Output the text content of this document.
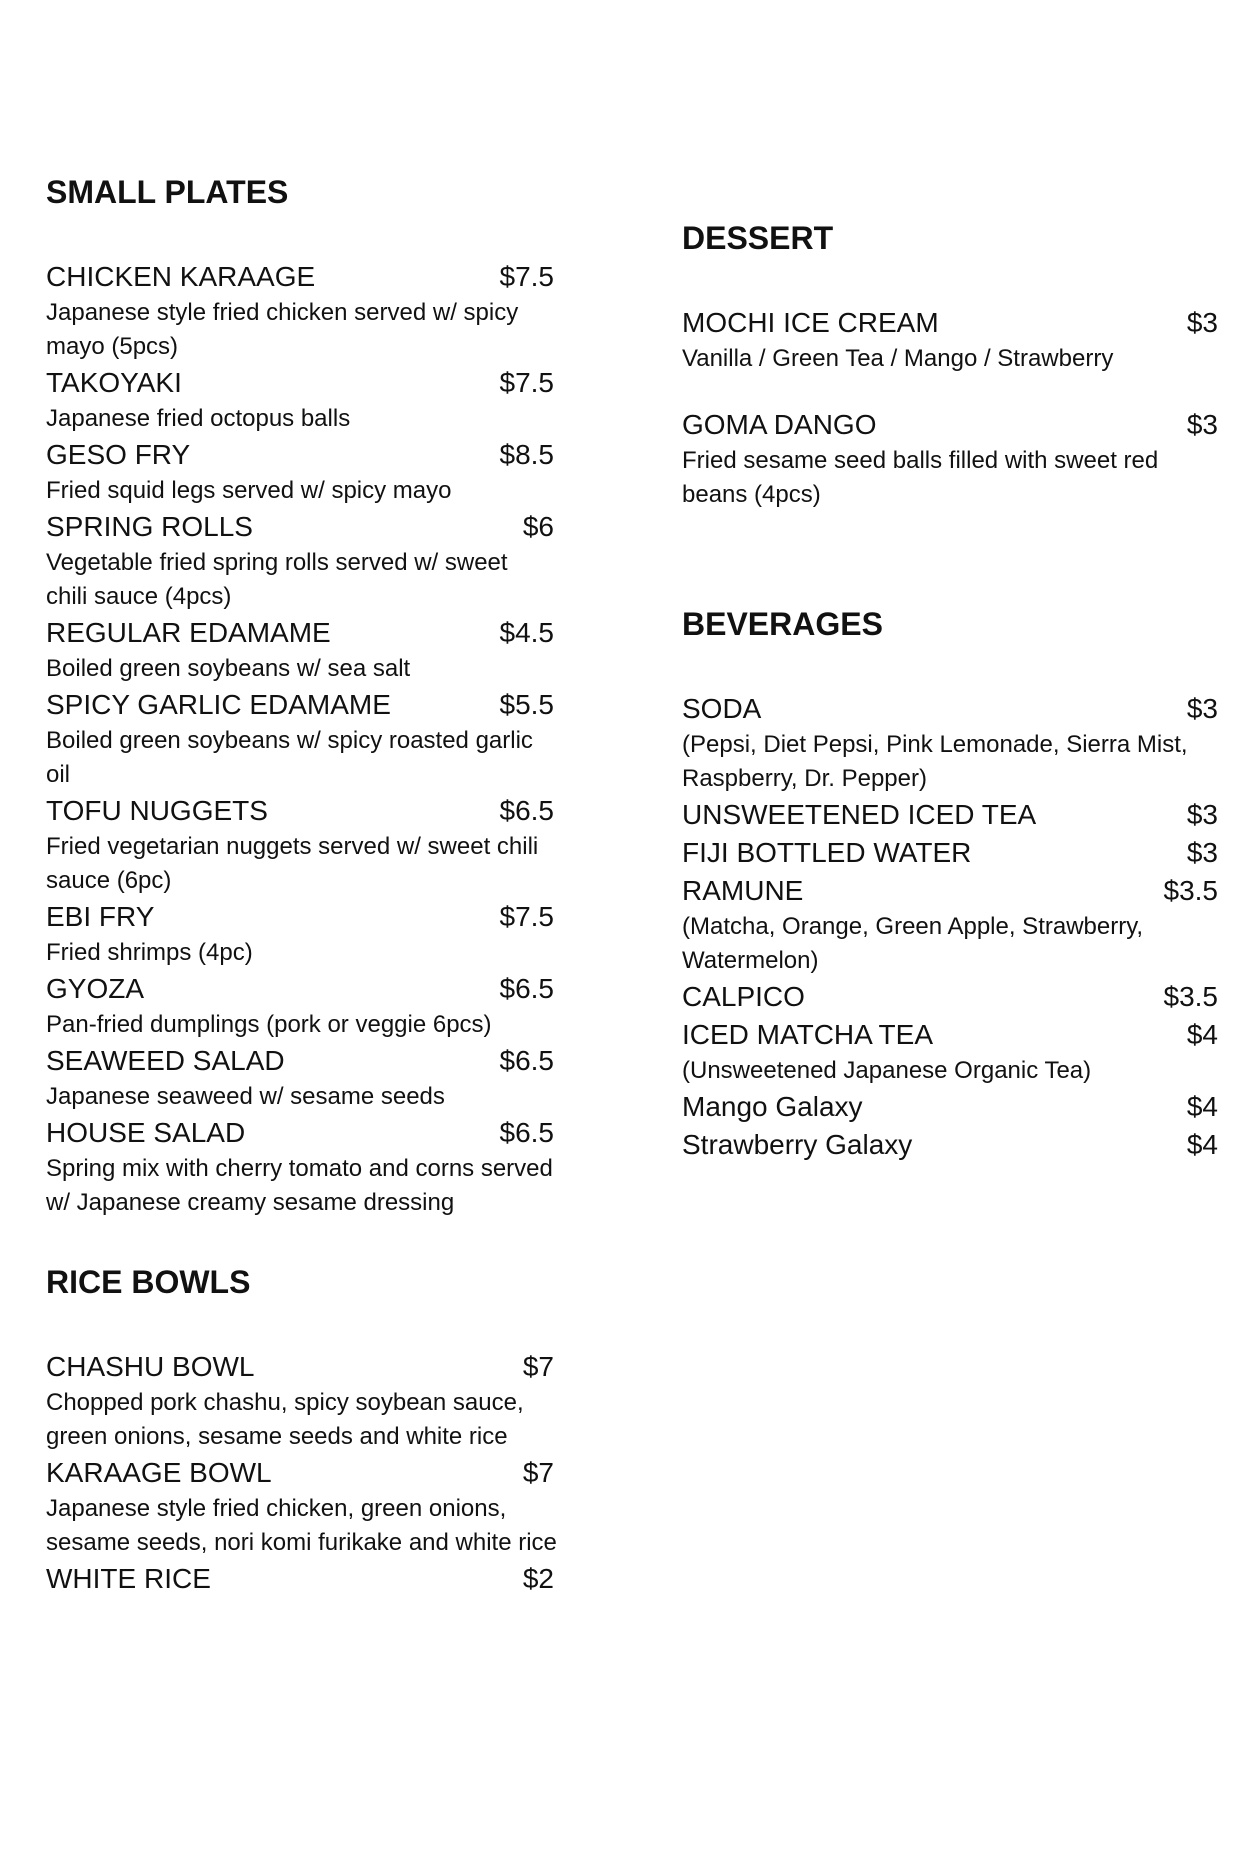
SMALL PLATES
CHICKEN KARAAGE	$7.5
Japanese style fried chicken served w/ spicy
mayo (5pcs)
TAKOYAKI	$7.5
Japanese fried octopus balls
GESO FRY	$8.5
Fried squid legs served w/ spicy mayo
SPRING ROLLS	$6
Vegetable fried spring rolls served w/ sweet
chili sauce (4pcs)
REGULAR EDAMAME	$4.5
Boiled green soybeans w/ sea salt
SPICY GARLIC EDAMAME	$5.5
Boiled green soybeans w/ spicy roasted garlic
oil
TOFU NUGGETS	$6.5
Fried vegetarian nuggets served w/ sweet chili
sauce (6pc)
EBI FRY	$7.5
Fried shrimps (4pc)
GYOZA	$6.5
Pan-fried dumplings (pork or veggie 6pcs)
SEAWEED SALAD	$6.5
Japanese seaweed w/ sesame seeds
HOUSE SALAD	$6.5
Spring mix with cherry tomato and corns served
w/ Japanese creamy sesame dressing
RICE BOWLS
CHASHU BOWL	$7
Chopped pork chashu, spicy soybean sauce,
green onions, sesame seeds and white rice
KARAAGE BOWL	$7
Japanese style fried chicken, green onions,
sesame seeds, nori komi furikake and white rice
WHITE RICE	$2
DESSERT
MOCHI ICE CREAM	$3
Vanilla / Green Tea / Mango / Strawberry
GOMA DANGO	$3
Fried sesame seed balls filled with sweet red
beans (4pcs)
BEVERAGES
SODA	$3
(Pepsi, Diet Pepsi, Pink Lemonade, Sierra Mist,
Raspberry, Dr. Pepper)
UNSWEETENED ICED TEA	$3
FIJI BOTTLED WATER	$3
RAMUNE	$3.5
(Matcha, Orange, Green Apple, Strawberry,
Watermelon)
CALPICO	$3.5
ICED MATCHA TEA	$4
(Unsweetened Japanese Organic Tea)
Mango Galaxy	$4
Strawberry Galaxy	$4
